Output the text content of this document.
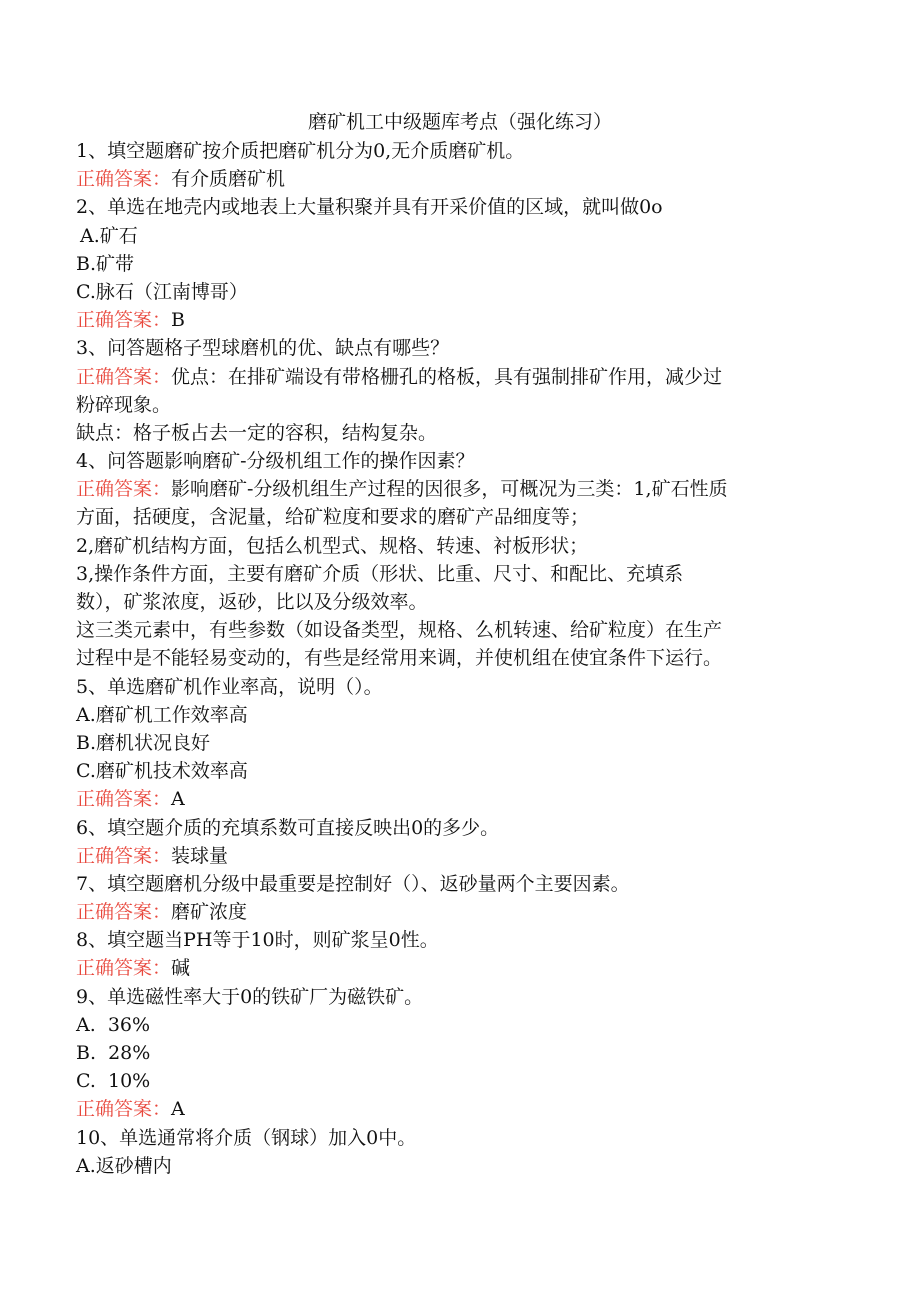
磨矿机工中级题库考点（强化练习）
1、填空题磨矿按介质把磨矿机分为0,无介质磨矿机。
正确答案：有介质磨矿机
2、单选在地壳内或地表上大量积聚并具有开采价值的区域，就叫做0o
A.矿石
B.矿带
C.脉石（江南博哥）
正确答案：B
3、问答题格子型球磨机的优、缺点有哪些？
正确答案：优点：在排矿端设有带格栅孔的格板，具有强制排矿作用，减少过
粉碎现象。
缺点：格子板占去一定的容积，结构复杂。
4、问答题影响磨矿-分级机组工作的操作因素？
正确答案：影响磨矿-分级机组生产过程的因很多，可概况为三类：1,矿石性质
方面，括硬度，含泥量，给矿粒度和要求的磨矿产品细度等；
2,磨矿机结构方面，包括么机型式、规格、转速、衬板形状；
3,操作条件方面，主要有磨矿介质（形状、比重、尺寸、和配比、充填系
数），矿浆浓度，返砂，比以及分级效率。
这三类元素中，有些参数（如设备类型，规格、么机转速、给矿粒度）在生产
过程中是不能轻易变动的，有些是经常用来调，并使机组在使宜条件下运行。
5、单选磨矿机作业率高，说明（）。
A.磨矿机工作效率高
B.磨机状况良好
C.磨矿机技术效率高
正确答案：A
6、填空题介质的充填系数可直接反映出0的多少。
正确答案：装球量
7、填空题磨机分级中最重要是控制好（）、返砂量两个主要因素。
正确答案：磨矿浓度
8、填空题当PH等于10时，则矿浆呈0性。
正确答案：碱
9、单选磁性率大于0的铁矿厂为磁铁矿。
A.  36%
B.  28%
C.  10%
正确答案：A
10、单选通常将介质（钢球）加入0中。
A.返砂槽内
